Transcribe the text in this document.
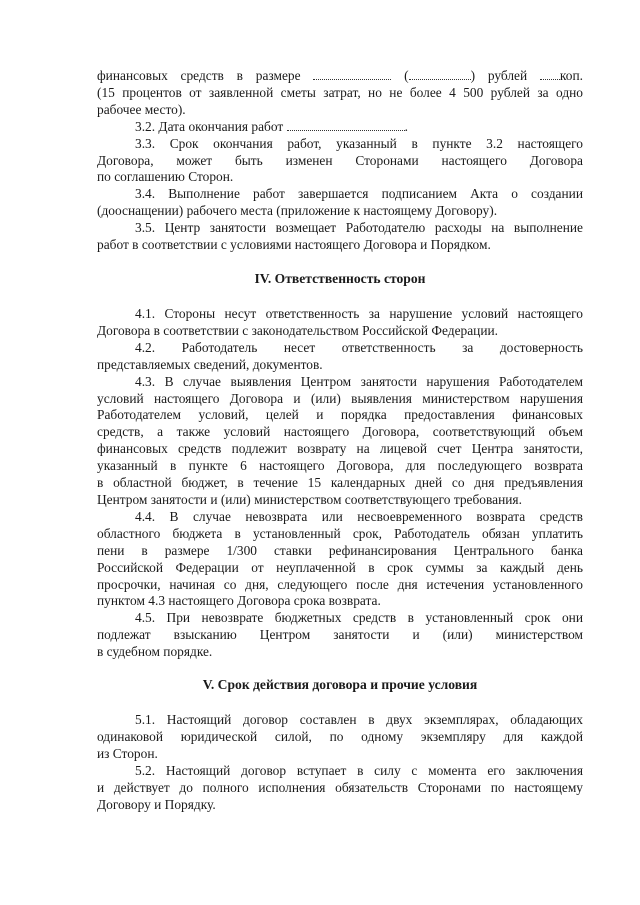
финансовых средств в размере	(	) рублей коп.

(15 процентов от заявленной сметы затрат, но не более 4 500 рублей за одно

рабочее место).

3.2. Дата окончания работ	.

3.3. Срок окончания работ, указанный в пункте 3.2 настоящего

Договора, может быть изменен Сторонами настоящего Договора

по соглашению Сторон.

3.4. Выполнение работ завершается подписанием Акта о создании

(дооснащении) рабочего места (приложение к настоящему Договору).

3.5. Центр занятости возмещает Работодателю расходы на выполнение

работ в соответствии с условиями настоящего Договора и Порядком.

IV. Ответственность сторон

4.1. Стороны несут ответственность за нарушение условий настоящего

Договора в соответствии с законодательством Российской Федерации.

4.2. Работодатель несет ответственность за достоверность

представляемых сведений, документов.

4.3. В случае выявления Центром занятости нарушения Работодателем

условий настоящего Договора и (или) выявления министерством нарушения

Работодателем условий, целей и порядка предоставления финансовых

средств, а также условий настоящего Договора, соответствующий объем

финансовых средств подлежит возврату на лицевой счет Центра занятости,

указанный в пункте 6 настоящего Договора, для последующего возврата

в областной бюджет, в течение 15 календарных дней со дня предъявления

Центром занятости и (или) министерством соответствующего требования.

4.4. В случае невозврата или несвоевременного возврата средств

областного бюджета в установленный срок, Работодатель обязан уплатить

пени в размере 1/300 ставки рефинансирования Центрального банка

Российской Федерации от неуплаченной в срок суммы за каждый день

просрочки, начиная со дня, следующего после дня истечения установленного

пунктом 4.3 настоящего Договора срока возврата.

4.5. При невозврате бюджетных средств в установленный срок они

подлежат взысканию Центром занятости и (или) министерством

в судебном порядке.

V. Срок действия договора и прочие условия

5.1. Настоящий договор составлен в двух экземплярах, обладающих

одинаковой юридической силой, по одному экземпляру для каждой

из Сторон.

5.2. Настоящий договор вступает в силу с момента его заключения

и действует до полного исполнения обязательств Сторонами по настоящему

Договору и Порядку.
